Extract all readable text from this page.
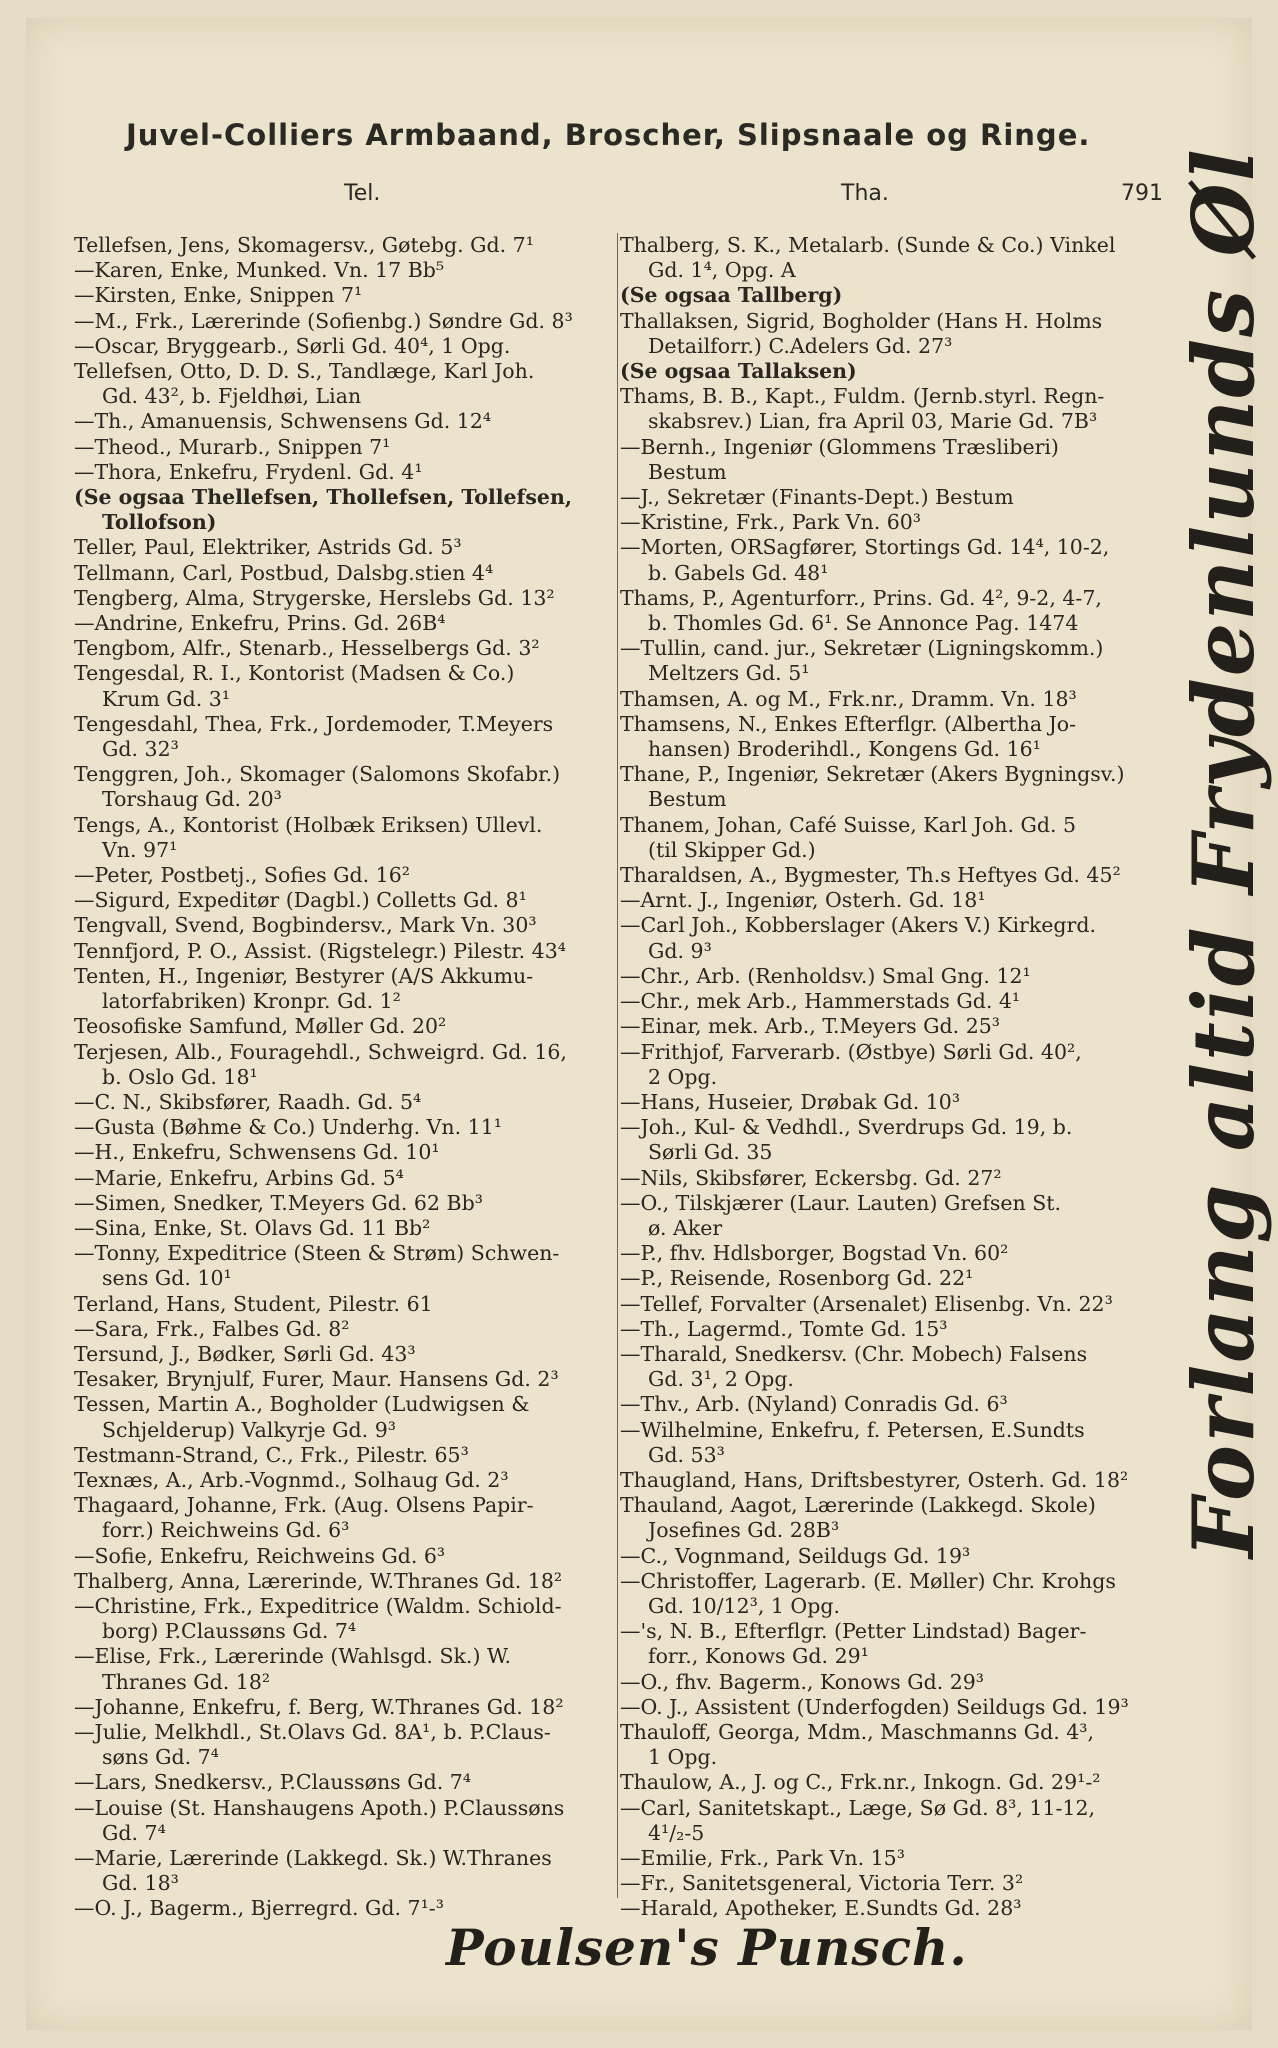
Juvel-Colliers Armbaand, Broscher, Slipsnaale og Ringe.
Tel.	Tha.	791
Tellefsen, Jens, Skomagersv., Gøtebg. Gd. 7¹
—Karen, Enke, Munked. Vn. 17 Bb⁵
—Kirsten, Enke, Snippen 7¹
—M., Frk., Lærerinde (Sofienbg.) Søndre Gd. 8³
—Oscar, Bryggearb., Sørli Gd. 40⁴, 1 Opg.
Tellefsen, Otto, D. D. S., Tandlæge, Karl Joh.
Gd. 43², b. Fjeldhøi, Lian
—Th., Amanuensis, Schwensens Gd. 12⁴
—Theod., Murarb., Snippen 7¹
—Thora, Enkefru, Frydenl. Gd. 4¹
(Se ogsaa Thellefsen, Thollefsen, Tollefsen,
Tollofson)
Teller, Paul, Elektriker, Astrids Gd. 5³
Tellmann, Carl, Postbud, Dalsbg.stien 4⁴
Tengberg, Alma, Strygerske, Herslebs Gd. 13²
—Andrine, Enkefru, Prins. Gd. 26B⁴
Tengbom, Alfr., Stenarb., Hesselbergs Gd. 3²
Tengesdal, R. I., Kontorist (Madsen & Co.)
Krum Gd. 3¹
Tengesdahl, Thea, Frk., Jordemoder, T.Meyers
Gd. 32³
Tenggren, Joh., Skomager (Salomons Skofabr.)
Torshaug Gd. 20³
Tengs, A., Kontorist (Holbæk Eriksen) Ullevl.
Vn. 97¹
—Peter, Postbetj., Sofies Gd. 16²
—Sigurd, Expeditør (Dagbl.) Colletts Gd. 8¹
Tengvall, Svend, Bogbindersv., Mark Vn. 30³
Tennfjord, P. O., Assist. (Rigstelegr.) Pilestr. 43⁴
Tenten, H., Ingeniør, Bestyrer (A/S Akkumu-
latorfabriken) Kronpr. Gd. 1²
Teosofiske Samfund, Møller Gd. 20²
Terjesen, Alb., Fouragehdl., Schweigrd. Gd. 16,
b. Oslo Gd. 18¹
—C. N., Skibsfører, Raadh. Gd. 5⁴
—Gusta (Bøhme & Co.) Underhg. Vn. 11¹
—H., Enkefru, Schwensens Gd. 10¹
—Marie, Enkefru, Arbins Gd. 5⁴
—Simen, Snedker, T.Meyers Gd. 62 Bb³
—Sina, Enke, St. Olavs Gd. 11 Bb²
—Tonny, Expeditrice (Steen & Strøm) Schwen-
sens Gd. 10¹
Terland, Hans, Student, Pilestr. 61
—Sara, Frk., Falbes Gd. 8²
Tersund, J., Bødker, Sørli Gd. 43³
Tesaker, Brynjulf, Furer, Maur. Hansens Gd. 2³
Tessen, Martin A., Bogholder (Ludwigsen &
Schjelderup) Valkyrje Gd. 9³
Testmann-Strand, C., Frk., Pilestr. 65³
Texnæs, A., Arb.-Vognmd., Solhaug Gd. 2³
Thagaard, Johanne, Frk. (Aug. Olsens Papir-
forr.) Reichweins Gd. 6³
—Sofie, Enkefru, Reichweins Gd. 6³
Thalberg, Anna, Lærerinde, W.Thranes Gd. 18²
—Christine, Frk., Expeditrice (Waldm. Schiold-
borg) P.Claussøns Gd. 7⁴
—Elise, Frk., Lærerinde (Wahlsgd. Sk.) W.
Thranes Gd. 18²
—Johanne, Enkefru, f. Berg, W.Thranes Gd. 18²
—Julie, Melkhdl., St.Olavs Gd. 8A¹, b. P.Claus-
søns Gd. 7⁴
—Lars, Snedkersv., P.Claussøns Gd. 7⁴
—Louise (St. Hanshaugens Apoth.) P.Claussøns
Gd. 7⁴
—Marie, Lærerinde (Lakkegd. Sk.) W.Thranes
Gd. 18³
—O. J., Bagerm., Bjerregrd. Gd. 7¹-³
Thalberg, S. K., Metalarb. (Sunde & Co.) Vinkel
Gd. 1⁴, Opg. A
(Se ogsaa Tallberg)
Thallaksen, Sigrid, Bogholder (Hans H. Holms
Detailforr.) C.Adelers Gd. 27³
(Se ogsaa Tallaksen)
Thams, B. B., Kapt., Fuldm. (Jernb.styrl. Regn-
skabsrev.) Lian, fra April 03, Marie Gd. 7B³
—Bernh., Ingeniør (Glommens Træsliberi)
Bestum
—J., Sekretær (Finants-Dept.) Bestum
—Kristine, Frk., Park Vn. 60³
—Morten, ORSagfører, Stortings Gd. 14⁴, 10-2,
b. Gabels Gd. 48¹
Thams, P., Agenturforr., Prins. Gd. 4², 9-2, 4-7,
b. Thomles Gd. 6¹. Se Annonce Pag. 1474
—Tullin, cand. jur., Sekretær (Ligningskomm.)
Meltzers Gd. 5¹
Thamsen, A. og M., Frk.nr., Dramm. Vn. 18³
Thamsens, N., Enkes Efterflgr. (Albertha Jo-
hansen) Broderihdl., Kongens Gd. 16¹
Thane, P., Ingeniør, Sekretær (Akers Bygningsv.)
Bestum
Thanem, Johan, Café Suisse, Karl Joh. Gd. 5
(til Skipper Gd.)
Tharaldsen, A., Bygmester, Th.s Heftyes Gd. 45²
—Arnt. J., Ingeniør, Osterh. Gd. 18¹
—Carl Joh., Kobberslager (Akers V.) Kirkegrd.
Gd. 9³
—Chr., Arb. (Renholdsv.) Smal Gng. 12¹
—Chr., mek Arb., Hammerstads Gd. 4¹
—Einar, mek. Arb., T.Meyers Gd. 25³
—Frithjof, Farverarb. (Østbye) Sørli Gd. 40²,
2 Opg.
—Hans, Huseier, Drøbak Gd. 10³
—Joh., Kul- & Vedhdl., Sverdrups Gd. 19, b.
Sørli Gd. 35
—Nils, Skibsfører, Eckersbg. Gd. 27²
—O., Tilskjærer (Laur. Lauten) Grefsen St.
ø. Aker
—P., fhv. Hdlsborger, Bogstad Vn. 60²
—P., Reisende, Rosenborg Gd. 22¹
—Tellef, Forvalter (Arsenalet) Elisenbg. Vn. 22³
—Th., Lagermd., Tomte Gd. 15³
—Tharald, Snedkersv. (Chr. Mobech) Falsens
Gd. 3¹, 2 Opg.
—Thv., Arb. (Nyland) Conradis Gd. 6³
—Wilhelmine, Enkefru, f. Petersen, E.Sundts
Gd. 53³
Thaugland, Hans, Driftsbestyrer, Osterh. Gd. 18²
Thauland, Aagot, Lærerinde (Lakkegd. Skole)
Josefines Gd. 28B³
—C., Vognmand, Seildugs Gd. 19³
—Christoffer, Lagerarb. (E. Møller) Chr. Krohgs
Gd. 10/12³, 1 Opg.
—'s, N. B., Efterflgr. (Petter Lindstad) Bager-
forr., Konows Gd. 29¹
—O., fhv. Bagerm., Konows Gd. 29³
—O. J., Assistent (Underfogden) Seildugs Gd. 19³
Thauloff, Georga, Mdm., Maschmanns Gd. 4³,
1 Opg.
Thaulow, A., J. og C., Frk.nr., Inkogn. Gd. 29¹-²
—Carl, Sanitetskapt., Læge, Sø Gd. 8³, 11-12,
4¹/₂-5
—Emilie, Frk., Park Vn. 15³
—Fr., Sanitetsgeneral, Victoria Terr. 3²
—Harald, Apotheker, E.Sundts Gd. 28³
Forlang altid Frydenlunds Øl
Poulsen's Punsch.
